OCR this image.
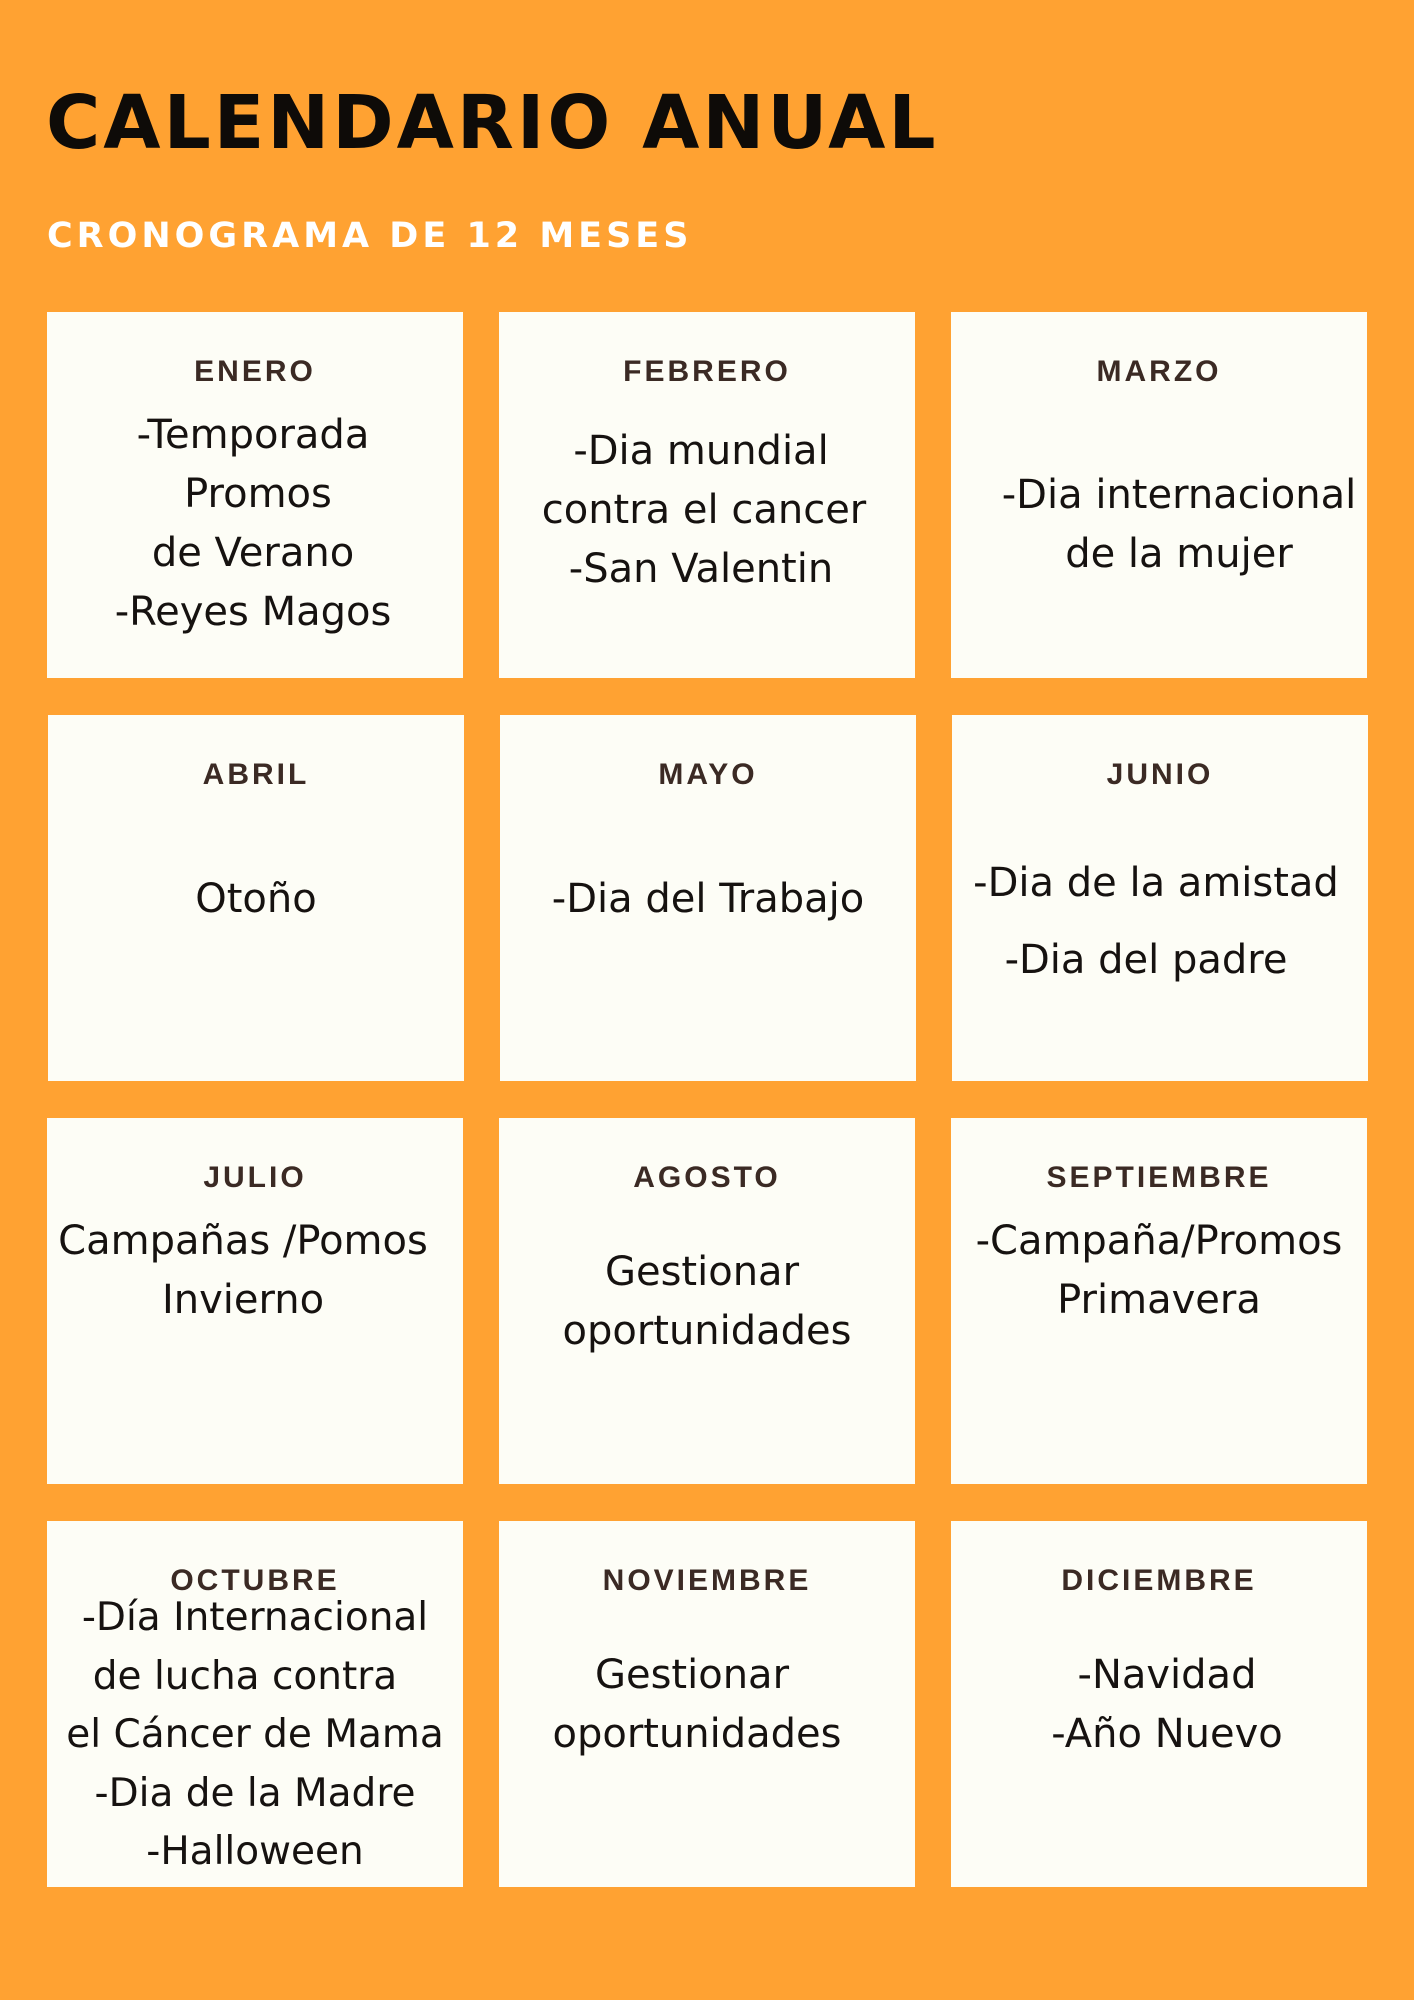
CALENDARIO ANUAL
CRONOGRAMA DE 12 MESES
ENERO
-Temporada
Promos
de Verano
-Reyes Magos
FEBRERO
-Dia mundial
contra el cancer
-San Valentin
MARZO
-Dia internacional
de la mujer
ABRIL
Otoño
MAYO
-Dia del Trabajo
JUNIO
-Dia de la amistad
-Dia del padre
JULIO
Campañas /Pomos
Invierno
AGOSTO
Gestionar
oportunidades
SEPTIEMBRE
-Campaña/Promos
Primavera
OCTUBRE
-Día Internacional
de lucha contra
el Cáncer de Mama
-Dia de la Madre
-Halloween
NOVIEMBRE
Gestionar
oportunidades
DICIEMBRE
-Navidad
-Año Nuevo
